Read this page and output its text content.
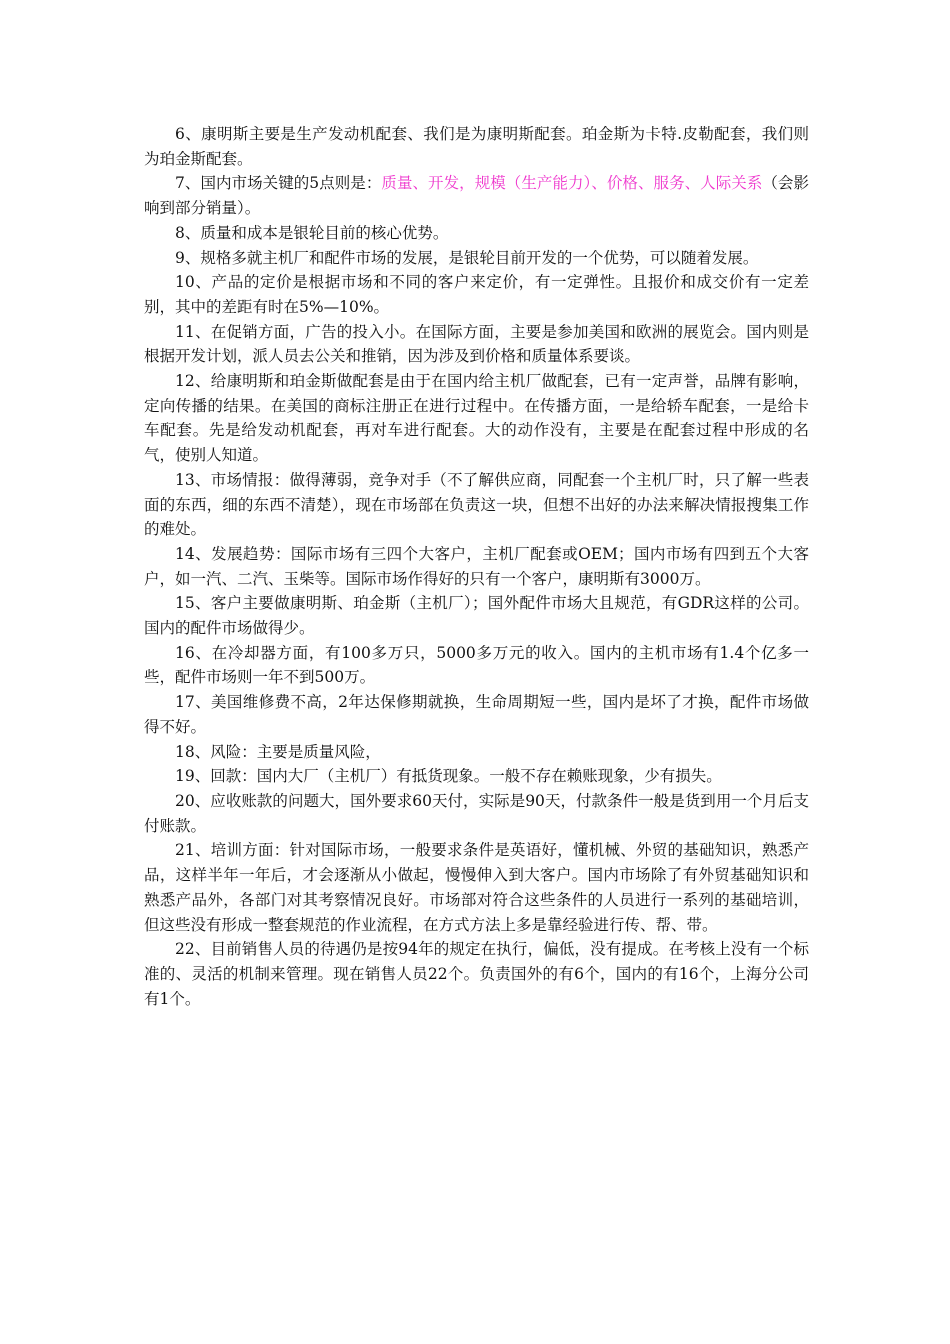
6、康明斯主要是生产发动机配套、我们是为康明斯配套。珀金斯为卡特.皮勒配套，我们则为珀金斯配套。

7、国内市场关键的5点则是：质量、开发，规模（生产能力）、价格、服务、人际关系（会影响到部分销量）。

8、质量和成本是银轮目前的核心优势。

9、规格多就主机厂和配件市场的发展，是银轮目前开发的一个优势，可以随着发展。

10、产品的定价是根据市场和不同的客户来定价，有一定弹性。且报价和成交价有一定差别，其中的差距有时在5%—10%。

11、在促销方面，广告的投入小。在国际方面，主要是参加美国和欧洲的展览会。国内则是根据开发计划，派人员去公关和推销，因为涉及到价格和质量体系要谈。

12、给康明斯和珀金斯做配套是由于在国内给主机厂做配套，已有一定声誉，品牌有影响，定向传播的结果。在美国的商标注册正在进行过程中。在传播方面，一是给轿车配套，一是给卡车配套。先是给发动机配套，再对车进行配套。大的动作没有，主要是在配套过程中形成的名气，使别人知道。

13、市场情报：做得薄弱，竞争对手（不了解供应商，同配套一个主机厂时，只了解一些表面的东西，细的东西不清楚），现在市场部在负责这一块，但想不出好的办法来解决情报搜集工作的难处。

14、发展趋势：国际市场有三四个大客户，主机厂配套或OEM；国内市场有四到五个大客户，如一汽、二汽、玉柴等。国际市场作得好的只有一个客户，康明斯有3000万。

15、客户主要做康明斯、珀金斯（主机厂）；国外配件市场大且规范，有GDR这样的公司。国内的配件市场做得少。

16、在冷却器方面，有100多万只，5000多万元的收入。国内的主机市场有1.4个亿多一些，配件市场则一年不到500万。

17、美国维修费不高，2年达保修期就换，生命周期短一些，国内是坏了才换，配件市场做得不好。

18、风险：主要是质量风险，

19、回款：国内大厂（主机厂）有抵货现象。一般不存在赖账现象，少有损失。

20、应收账款的问题大，国外要求60天付，实际是90天，付款条件一般是货到用一个月后支付账款。

21、培训方面：针对国际市场，一般要求条件是英语好，懂机械、外贸的基础知识，熟悉产品，这样半年一年后，才会逐渐从小做起，慢慢伸入到大客户。国内市场除了有外贸基础知识和熟悉产品外，各部门对其考察情况良好。市场部对符合这些条件的人员进行一系列的基础培训，但这些没有形成一整套规范的作业流程，在方式方法上多是靠经验进行传、帮、带。

22、目前销售人员的待遇仍是按94年的规定在执行，偏低，没有提成。在考核上没有一个标准的、灵活的机制来管理。现在销售人员22个。负责国外的有6个，国内的有16个，上海分公司有1个。
